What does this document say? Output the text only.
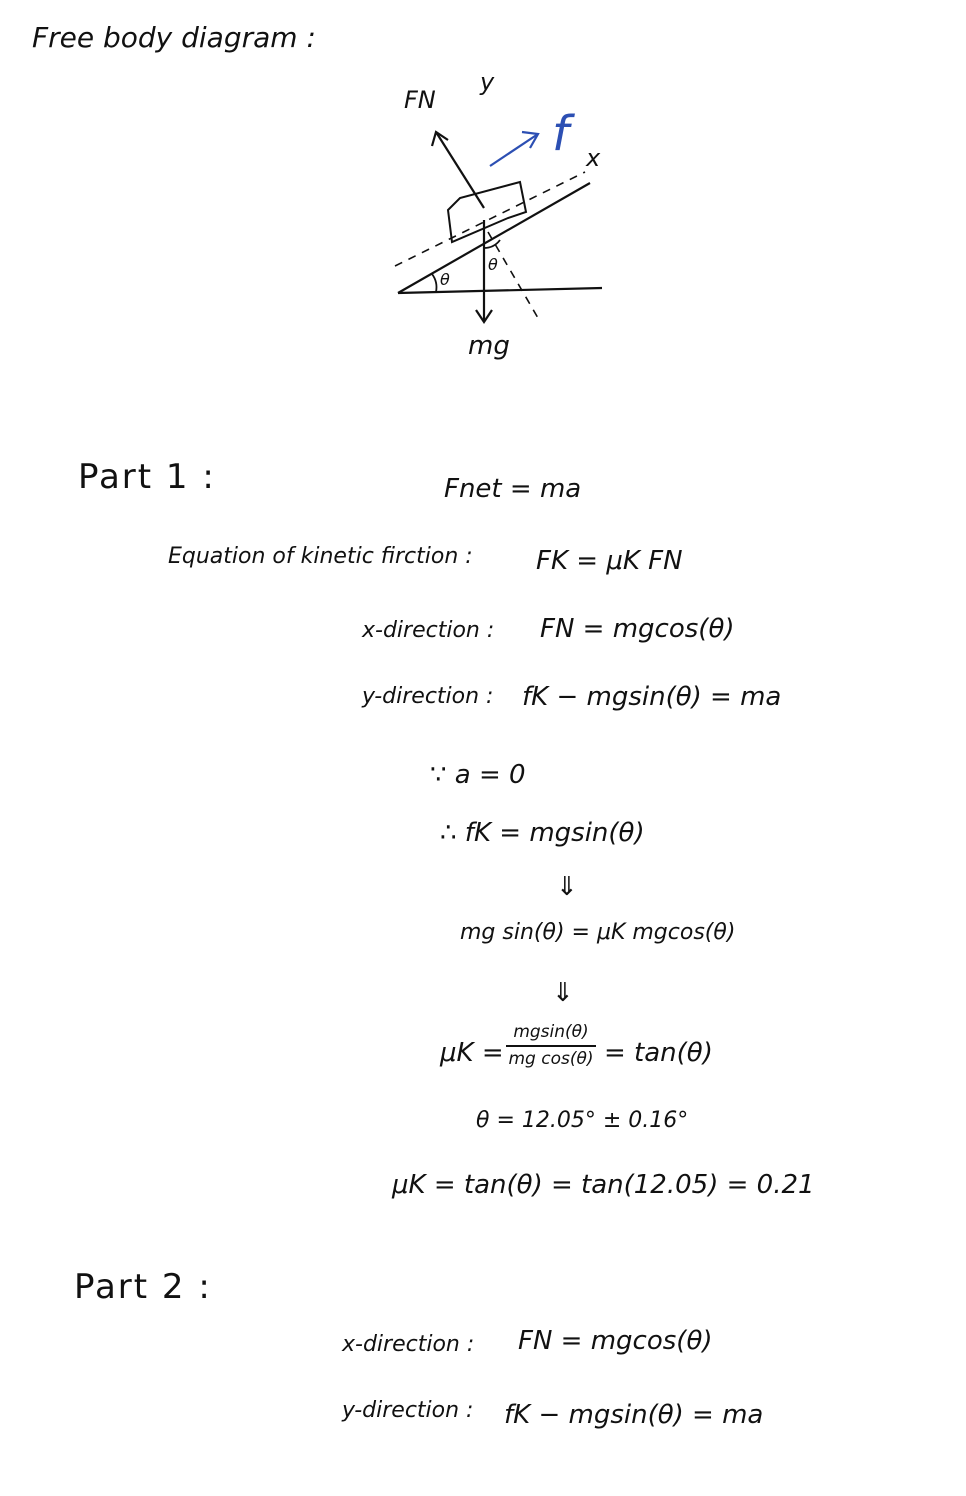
Free body diagram :
FN
y
f x
θ
θ
mg
Part 1 :	Fnet = ma
Equation of kinetic firction : FK = μK FN
x-direction : FN = mgcos(θ)
y-direction : fK − mgsin(θ) = ma
∵ a = 0
∴ fK = mgsin(θ)
⇓
mg sin(θ) = μK mgcos(θ)
⇓
μK =
mgsin(θ)
mg cos(θ) = tan(θ)
θ = 12.05° ± 0.16°
μK = tan(θ) = tan(12.05) = 0.21
Part 2 :
x-direction : FN = mgcos(θ)
y-direction : fK − mgsin(θ) = ma
